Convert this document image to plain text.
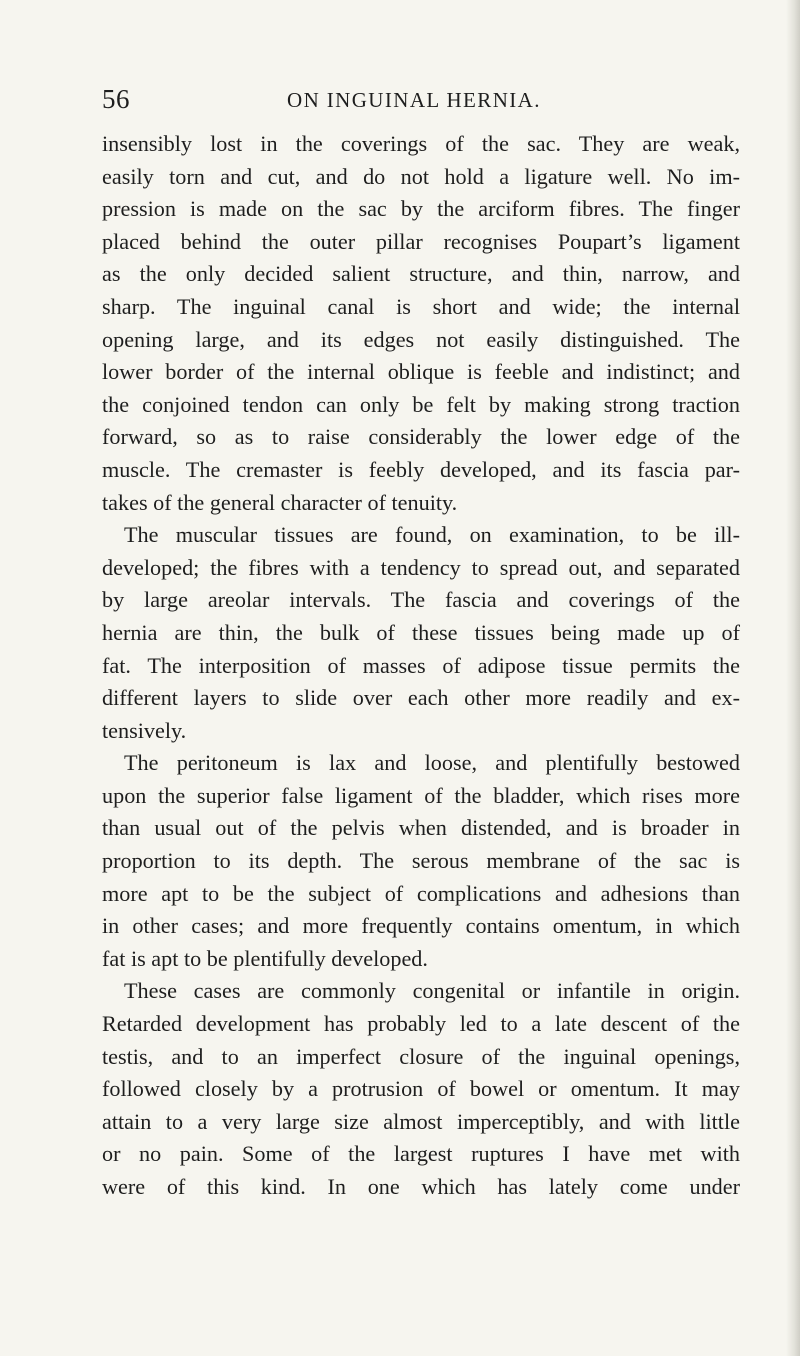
56	ON INGUINAL HERNIA.

insensibly lost in the coverings of the sac. They are weak,
easily torn and cut, and do not hold a ligature well. No im-
pression is made on the sac by the arciform fibres. The finger
placed behind the outer pillar recognises Poupart’s ligament
as the only decided salient structure, and thin, narrow, and
sharp. The inguinal canal is short and wide; the internal
opening large, and its edges not easily distinguished. The
lower border of the internal oblique is feeble and indistinct; and
the conjoined tendon can only be felt by making strong traction
forward, so as to raise considerably the lower edge of the
muscle. The cremaster is feebly developed, and its fascia par-
takes of the general character of tenuity.

The muscular tissues are found, on examination, to be ill-
developed; the fibres with a tendency to spread out, and separated
by large areolar intervals. The fascia and coverings of the
hernia are thin, the bulk of these tissues being made up of
fat. The interposition of masses of adipose tissue permits the
different layers to slide over each other more readily and ex-
tensively.

The peritoneum is lax and loose, and plentifully bestowed
upon the superior false ligament of the bladder, which rises more
than usual out of the pelvis when distended, and is broader in
proportion to its depth. The serous membrane of the sac is
more apt to be the subject of complications and adhesions than
in other cases; and more frequently contains omentum, in which
fat is apt to be plentifully developed.

These cases are commonly congenital or infantile in origin.
Retarded development has probably led to a late descent of the
testis, and to an imperfect closure of the inguinal openings,
followed closely by a protrusion of bowel or omentum. It may
attain to a very large size almost imperceptibly, and with little
or no pain. Some of the largest ruptures I have met with
were of this kind. In one which has lately come under
